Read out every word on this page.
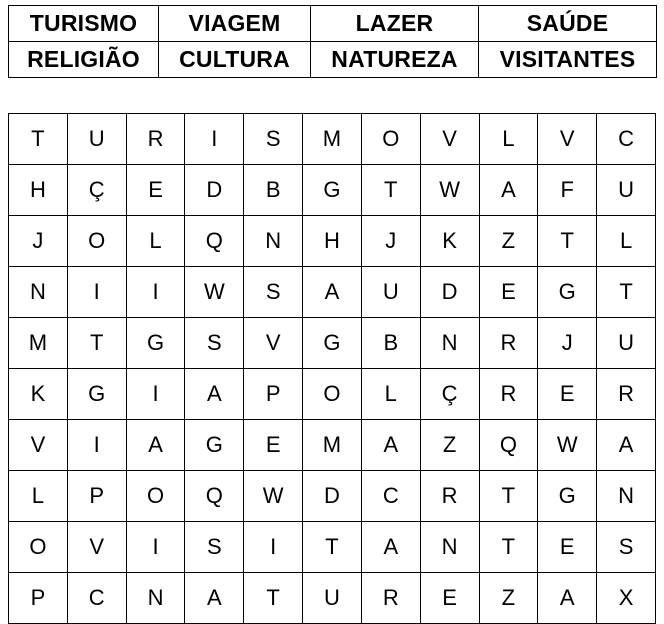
TURISMO	VIAGEM	LAZER	SAÚDE
RELIGIÃO	CULTURA	NATUREZA	VISITANTES
T	U	R	I	S	M	O	V	L	V	C
H	Ç	E	D	B	G	T	W	A	F	U
J	O	L	Q	N	H	J	K	Z	T	L
N	I	I	W	S	A	U	D	E	G	T
M	T	G	S	V	G	B	N	R	J	U
K	G	I	A	P	O	L	Ç	R	E	R
V	I	A	G	E	M	A	Z	Q	W	A
L	P	O	Q	W	D	C	R	T	G	N
O	V	I	S	I	T	A	N	T	E	S
P	C	N	A	T	U	R	E	Z	A	X
